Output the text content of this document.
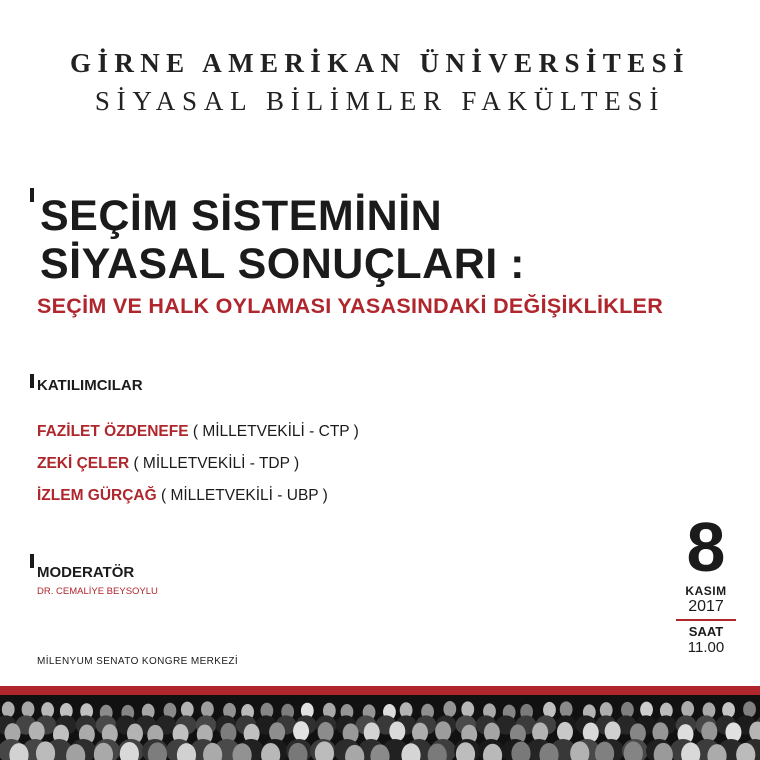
GİRNE AMERİKAN ÜNİVERSİTESİ
SİYASAL BİLİMLER FAKÜLTESİ
SEÇİM SİSTEMİNİN
SİYASAL SONUÇLARI :
SEÇİM VE HALK OYLAMASI YASASINDAKİ DEĞİŞİKLİKLER
KATILIMCILAR
FAZİLET ÖZDENEFE ( MİLLETVEKİLİ - CTP )
ZEKİ ÇELER ( MİLLETVEKİLİ - TDP )
İZLEM GÜRÇAĞ ( MİLLETVEKİLİ - UBP )
MODERATÖR
DR. CEMALİYE BEYSOYLU
MİLENYUM SENATO KONGRE MERKEZİ
8
KASIM
2017
SAAT
11.00
